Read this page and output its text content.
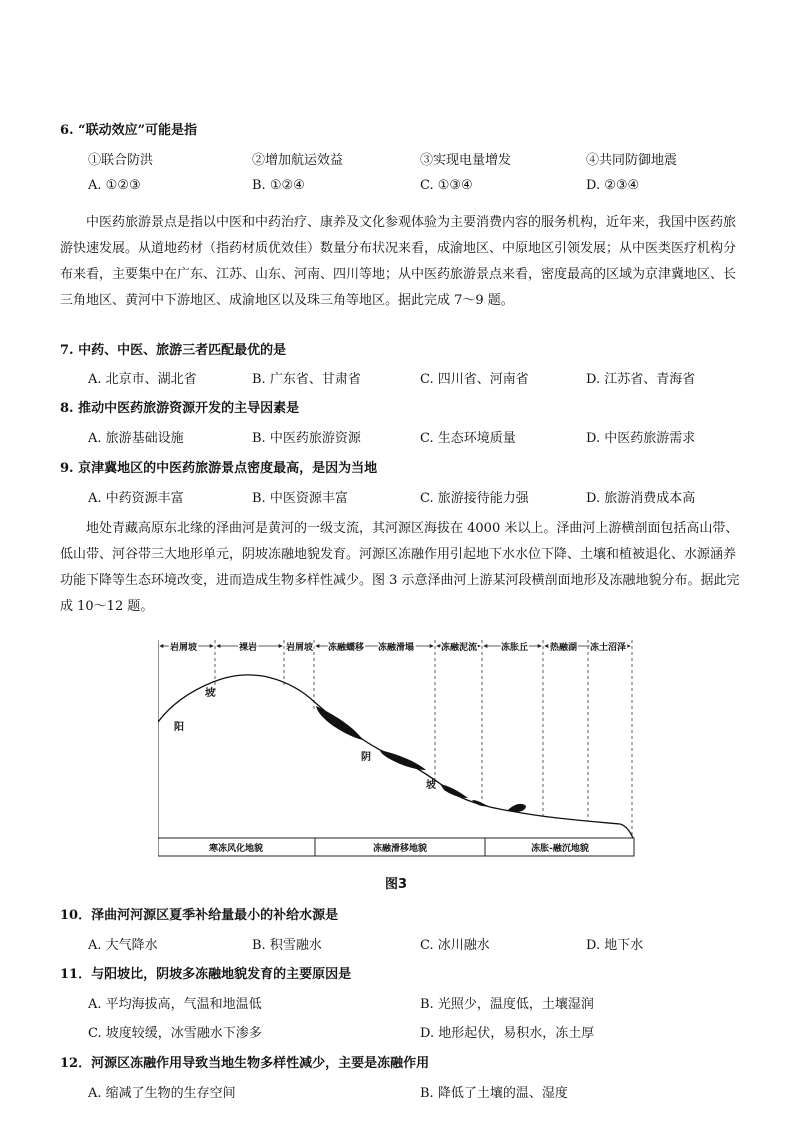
6. “联动效应”可能是指
①联合防洪	②增加航运效益	③实现电量增发	④共同防御地震
A. ①②③	B. ①②④	C. ①③④	D. ②③④
中医药旅游景点是指以中医和中药治疗、康养及文化参观体验为主要消费内容的服务机构，近年来，我国中医药旅游快速发展。从道地药材（指药材质优效佳）数量分布状况来看，成渝地区、中原地区引领发展；从中医类医疗机构分布来看，主要集中在广东、江苏、山东、河南、四川等地；从中医药旅游景点来看，密度最高的区域为京津冀地区、长三角地区、黄河中下游地区、成渝地区以及珠三角等地区。据此完成 7～9 题。
7. 中药、中医、旅游三者匹配最优的是
A. 北京市、湖北省	B. 广东省、甘肃省	C. 四川省、河南省	D. 江苏省、青海省
8. 推动中医药旅游资源开发的主导因素是
A. 旅游基础设施	B. 中医药旅游资源	C. 生态环境质量	D. 中医药旅游需求
9. 京津冀地区的中医药旅游景点密度最高，是因为当地
A. 中药资源丰富	B. 中医资源丰富	C. 旅游接待能力强	D. 旅游消费成本高
地处青藏高原东北缘的泽曲河是黄河的一级支流，其河源区海拔在 4000 米以上。泽曲河上游横剖面包括高山带、低山带、河谷带三大地形单元，阴坡冻融地貌发育。河源区冻融作用引起地下水水位下降、土壤和植被退化、水源涵养功能下降等生态环境改变，进而造成生物多样性减少。图 3 示意泽曲河上游某河段横剖面地形及冻融地貌分布。据此完成 10～12 题。
岩屑坡	裸岩	岩屑坡 冻融蠕移 冻融滑塌	冻融泥流	冻胀丘 热融湖 冻土沼泽
阳
坡
阴
坡
寒冻风化地貌	冻融滑移地貌	冻胀-融沉地貌
图3
10．泽曲河河源区夏季补给量最小的补给水源是
A. 大气降水	B. 积雪融水	C. 冰川融水	D. 地下水
11．与阳坡比，阴坡多冻融地貌发育的主要原因是
A. 平均海拔高，气温和地温低	B. 光照少，温度低，土壤湿润
C. 坡度较缓，冰雪融水下渗多	D. 地形起伏，易积水，冻土厚
12．河源区冻融作用导致当地生物多样性减少，主要是冻融作用
A. 缩减了生物的生存空间	B. 降低了土壤的温、湿度
